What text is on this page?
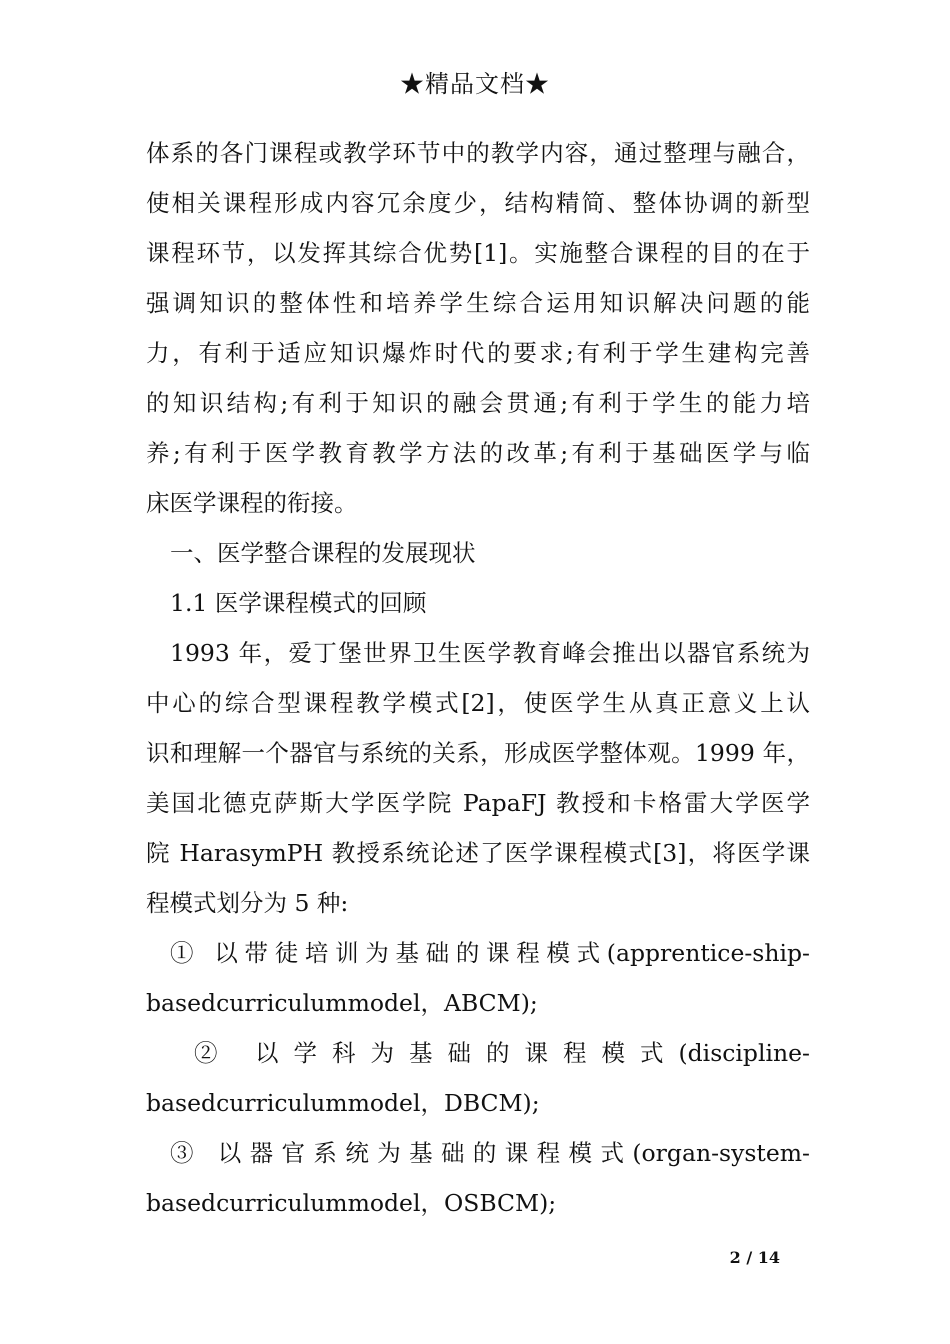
★精品文档★
体系的各门课程或教学环节中的教学内容，通过整理与融合，
使相关课程形成内容冗余度少，结构精简、整体协调的新型
课程环节，以发挥其综合优势[1]。实施整合课程的目的在于
强调知识的整体性和培养学生综合运用知识解决问题的能
力，有利于适应知识爆炸时代的要求;有利于学生建构完善
的知识结构;有利于知识的融会贯通;有利于学生的能力培
养;有利于医学教育教学方法的改革;有利于基础医学与临
床医学课程的衔接。
一、医学整合课程的发展现状
1.1 医学课程模式的回顾
1993 年，爱丁堡世界卫生医学教育峰会推出以器官系统为
中心的综合型课程教学模式[2]，使医学生从真正意义上认
识和理解一个器官与系统的关系，形成医学整体观。1999 年，
美国北德克萨斯大学医学院 PapaFJ 教授和卡格雷大学医学
院 HarasymPH 教授系统论述了医学课程模式[3]，将医学课
程模式划分为 5 种:
① 以带徒培训为基础的课程模式(apprentice-ship-
basedcurriculummodel，ABCM);
② 以学科为基础的课程模式(discipline-
basedcurriculummodel，DBCM);
③ 以器官系统为基础的课程模式(organ-system-
basedcurriculummodel，OSBCM);
2 / 14
